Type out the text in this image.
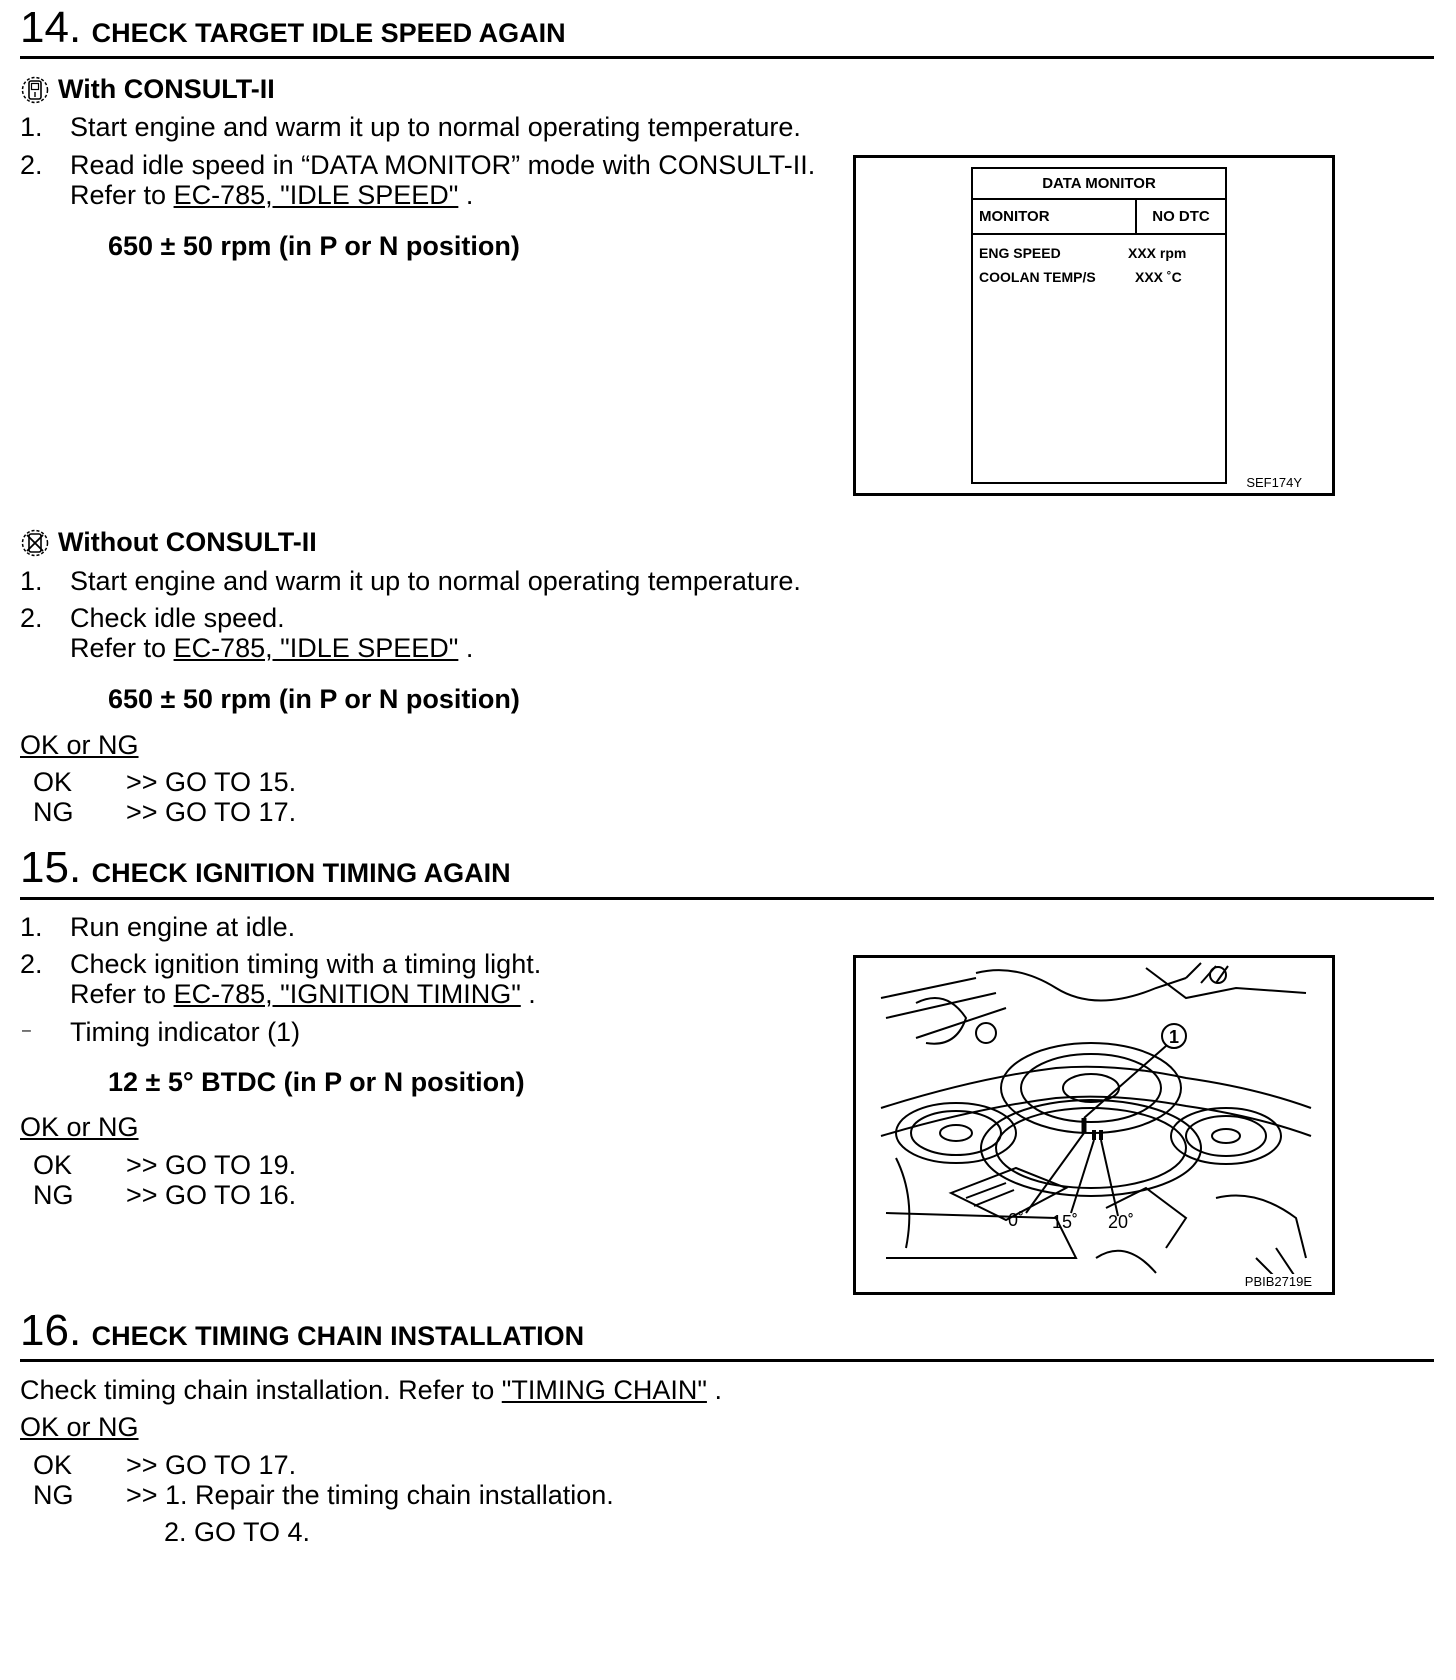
14. CHECK TARGET IDLE SPEED AGAIN
With CONSULT-II
1. Start engine and warm it up to normal operating temperature.
2. Read idle speed in “DATA MONITOR” mode with CONSULT-II.
Refer to EC-785, "IDLE SPEED" .
650 ± 50 rpm (in P or N position)
DATA MONITOR
MONITOR	NO DTC
ENG SPEED	XXX rpm
COOLAN TEMP/S	XXX ˚C
SEF174Y
Without CONSULT-II
1. Start engine and warm it up to normal operating temperature.
2. Check idle speed.
Refer to EC-785, "IDLE SPEED" .
650 ± 50 rpm (in P or N position)
OK or NG
OK >> GO TO 15.
NG >> GO TO 17.
15. CHECK IGNITION TIMING AGAIN
1. Run engine at idle.
2. Check ignition timing with a timing light.
Refer to EC-785, "IGNITION TIMING" .
– Timing indicator (1)
12 ± 5° BTDC (in P or N position)
OK or NG
OK >> GO TO 19.
NG >> GO TO 16.
1
0˚ 15˚ 20˚
PBIB2719E
16. CHECK TIMING CHAIN INSTALLATION
Check timing chain installation. Refer to "TIMING CHAIN" .
OK or NG
OK >> GO TO 17.
NG >> 1. Repair the timing chain installation.
2. GO TO 4.
